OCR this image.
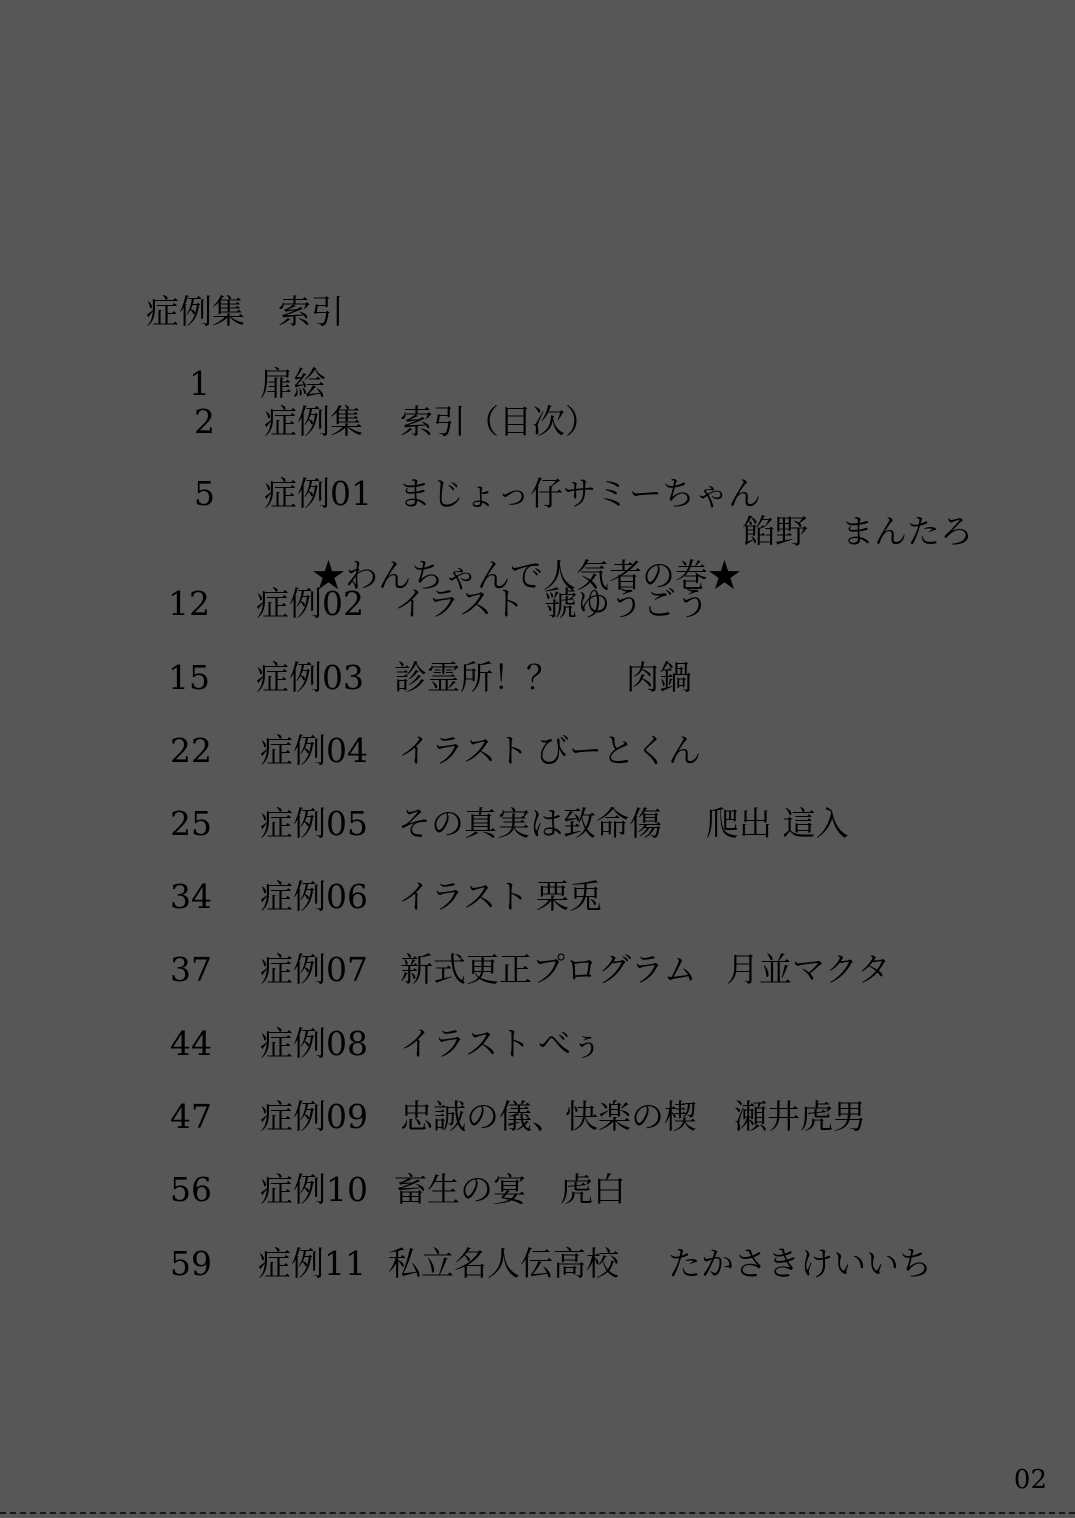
症例集　索引

1

扉絵

2

症例集

索引（目次）

5

症例01

まじょっ仔サミーちゃん

★わんちゃんで人気者の巻★

餡野　まんたろ

12

症例02

イラスト

虢ゆうごう

15

症例03

診霊所！？

肉鍋

22

症例04

イラスト

びーとくん

25

症例05

その真実は致命傷

爬出 這入

34

症例06

イラスト

栗兎

37

症例07

新式更正プログラム

月並マクタ

44

症例08

イラスト

べぅ

47

症例09

忠誠の儀、快楽の楔

瀬井虎男

56

症例10

畜生の宴

虎白

59

症例11

私立名人伝高校

たかさきけいいち

02
